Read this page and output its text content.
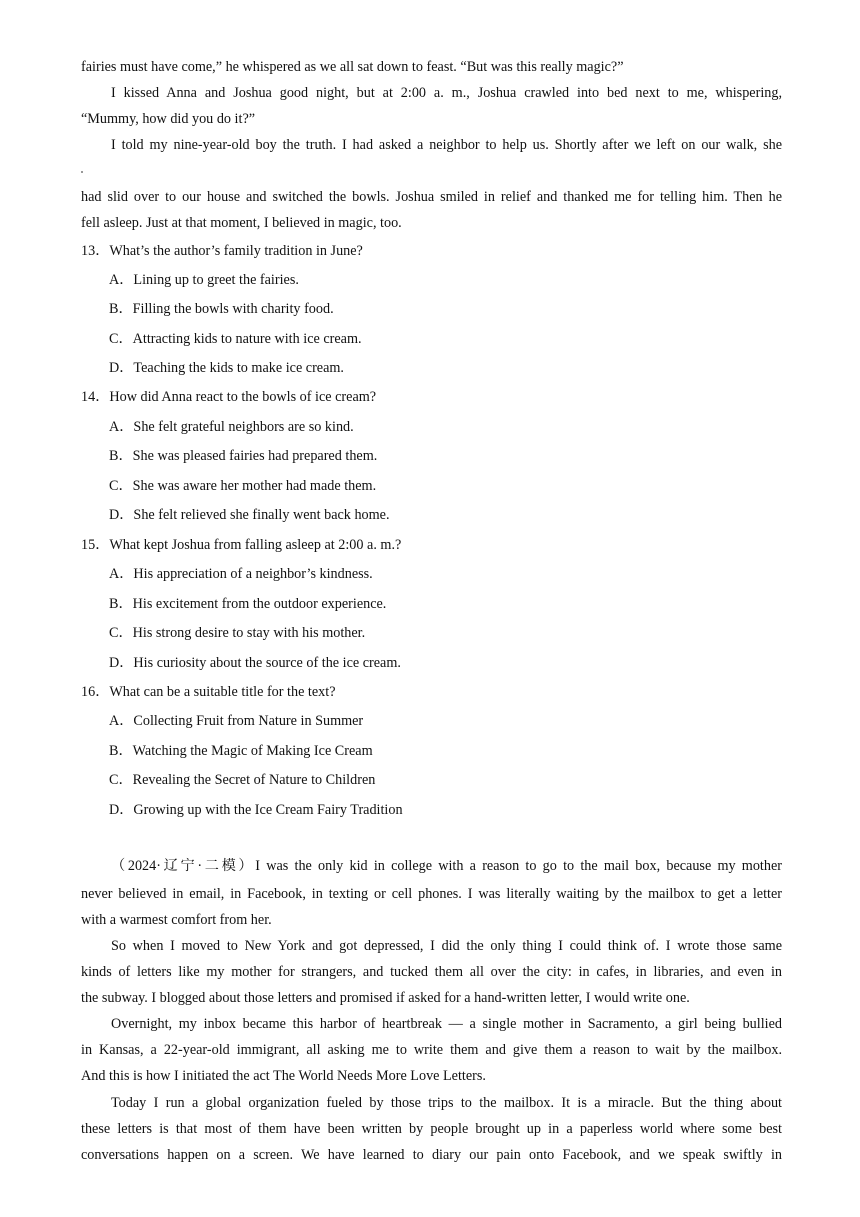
fairies must have come,” he whispered as we all sat down to feast. “But was this really magic?”
I kissed Anna and Joshua good night, but at 2:00 a. m., Joshua crawled into bed next to me, whispering,
“Mummy, how did you do it?”
I told my nine-year-old boy the truth. I had asked a neighbor to help us. Shortly after we left on our walk, she
had slid over to our house and switched the bowls. Joshua smiled in relief and thanked me for telling him. Then he
fell asleep. Just at that moment, I believed in magic, too.
13．What’s the author’s family tradition in June?
A．Lining up to greet the fairies.
B．Filling the bowls with charity food.
C．Attracting kids to nature with ice cream.
D．Teaching the kids to make ice cream.
14．How did Anna react to the bowls of ice cream?
A．She felt grateful neighbors are so kind.
B．She was pleased fairies had prepared them.
C．She was aware her mother had made them.
D．She felt relieved she finally went back home.
15．What kept Joshua from falling asleep at 2:00 a. m.?
A．His appreciation of a neighbor’s kindness.
B．His excitement from the outdoor experience.
C．His strong desire to stay with his mother.
D．His curiosity about the source of the ice cream.
16．What can be a suitable title for the text?
A．Collecting Fruit from Nature in Summer
B．Watching the Magic of Making Ice Cream
C．Revealing the Secret of Nature to Children
D．Growing up with the Ice Cream Fairy Tradition
（2024·辽宁·二模）I was the only kid in college with a reason to go to the mail box, because my mother
never believed in email, in Facebook, in texting or cell phones. I was literally waiting by the mailbox to get a letter
with a warmest comfort from her.
So when I moved to New York and got depressed, I did the only thing I could think of. I wrote those same
kinds of letters like my mother for strangers, and tucked them all over the city: in cafes, in libraries, and even in
the subway. I blogged about those letters and promised if asked for a hand-written letter, I would write one.
Overnight, my inbox became this harbor of heartbreak — a single mother in Sacramento, a girl being bullied
in Kansas, a 22-year-old immigrant, all asking me to write them and give them a reason to wait by the mailbox.
And this is how I initiated the act The World Needs More Love Letters.
Today I run a global organization fueled by those trips to the mailbox. It is a miracle. But the thing about
these letters is that most of them have been written by people brought up in a paperless world where some best
conversations happen on a screen. We have learned to diary our pain onto Facebook, and we speak swiftly in
